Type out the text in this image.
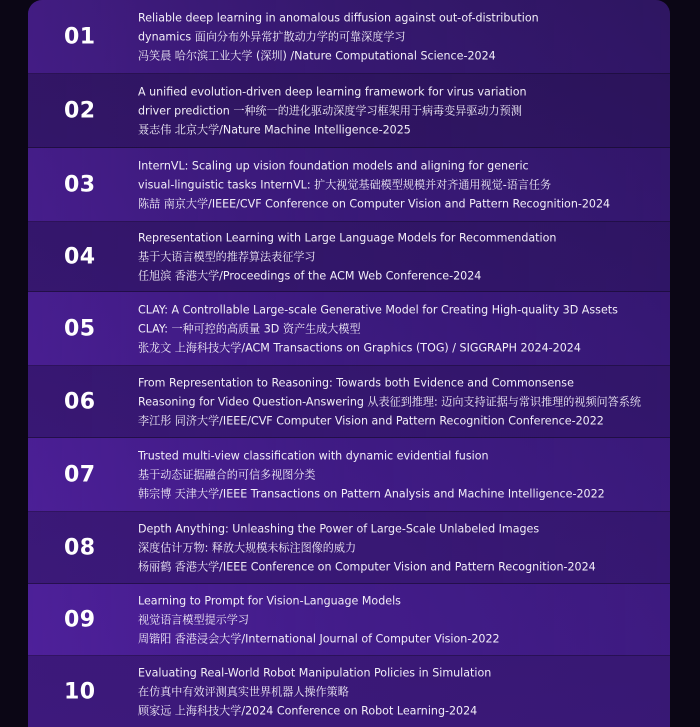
01
Reliable deep learning in anomalous diffusion against out-of-distribution
dynamics 面向分布外异常扩散动力学的可靠深度学习
冯笑晨 哈尔滨工业大学 (深圳) /Nature Computational Science-2024
02
A unified evolution-driven deep learning framework for virus variation
driver prediction 一种统一的进化驱动深度学习框架用于病毒变异驱动力预测
聂志伟 北京大学/Nature Machine Intelligence-2025
03
InternVL: Scaling up vision foundation models and aligning for generic
visual-linguistic tasks InternVL: 扩大视觉基础模型规模并对齐通用视觉-语言任务
陈喆 南京大学/IEEE/CVF Conference on Computer Vision and Pattern Recognition-2024
04
Representation Learning with Large Language Models for Recommendation
基于大语言模型的推荐算法表征学习
任旭滨 香港大学/Proceedings of the ACM Web Conference-2024
05
CLAY: A Controllable Large-scale Generative Model for Creating High-quality 3D Assets
CLAY: 一种可控的高质量 3D 资产生成大模型
张龙文 上海科技大学/ACM Transactions on Graphics (TOG) / SIGGRAPH 2024-2024
06
From Representation to Reasoning: Towards both Evidence and Commonsense
Reasoning for Video Question-Answering 从表征到推理: 迈向支持证据与常识推理的视频问答系统
李江彤 同济大学/IEEE/CVF Computer Vision and Pattern Recognition Conference-2022
07
Trusted multi-view classification with dynamic evidential fusion
基于动态证据融合的可信多视图分类
韩宗博 天津大学/IEEE Transactions on Pattern Analysis and Machine Intelligence-2022
08
Depth Anything: Unleashing the Power of Large-Scale Unlabeled Images
深度估计万物: 释放大规模未标注图像的威力
杨丽鹤 香港大学/IEEE Conference on Computer Vision and Pattern Recognition-2024
09
Learning to Prompt for Vision-Language Models
视觉语言模型提示学习
周锴阳 香港浸会大学/International Journal of Computer Vision-2022
10
Evaluating Real-World Robot Manipulation Policies in Simulation
在仿真中有效评测真实世界机器人操作策略
顾家远 上海科技大学/2024 Conference on Robot Learning-2024
